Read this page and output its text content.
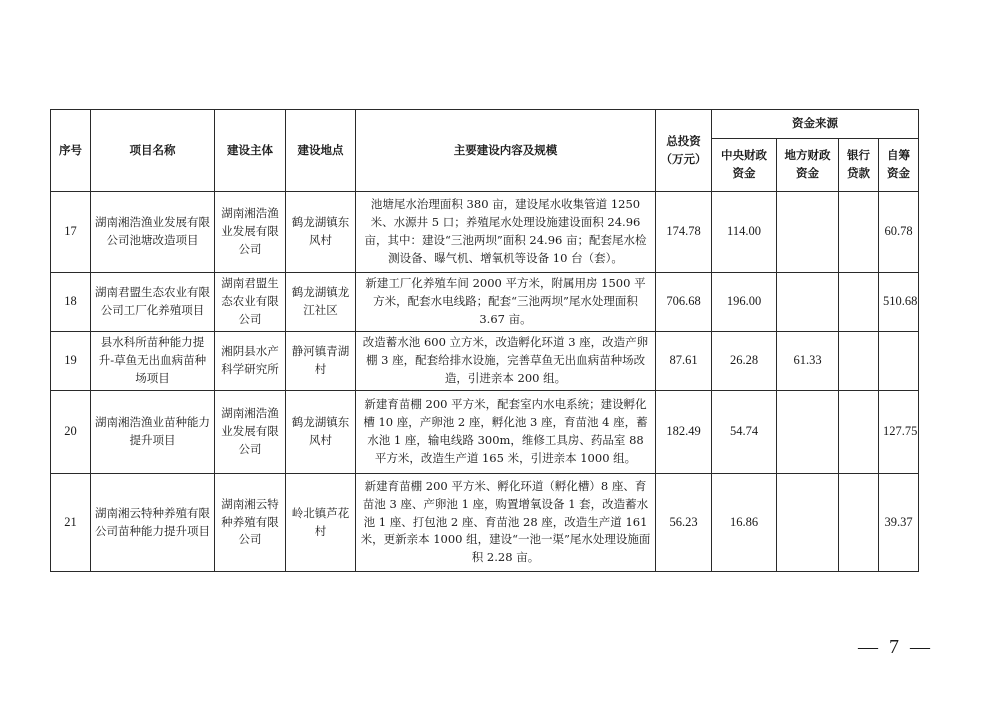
序号	项目名称	建设主体	建设地点	主要建设内容及规模	总投资（万元）	资金来源			
						中央财政资金	地方财政资金	银行贷款	自筹资金
17	湖南湘浩渔业发展有限公司池塘改造项目	湖南湘浩渔业发展有限公司	鹤龙湖镇东风村	池塘尾水治理面积 380 亩，建设尾水收集管道 1250 米、水源井 5 口；养殖尾水处理设施建设面积 24.96 亩，其中：建设“三池两坝”面积 24.96 亩；配套尾水检测设备、曝气机、增氧机等设备 10 台（套）。	174.78	114.00			60.78
18	湖南君盟生态农业有限公司工厂化养殖项目	湖南君盟生态农业有限公司	鹤龙湖镇龙江社区	新建工厂化养殖车间 2000 平方米，附属用房 1500 平方米，配套水电线路；配套“三池两坝”尾水处理面积 3.67 亩。	706.68	196.00			510.68
19	县水科所苗种能力提升-草鱼无出血病苗种场项目	湘阴县水产科学研究所	静河镇青湖村	改造蓄水池 600 立方米，改造孵化环道 3 座，改造产卵棚 3 座，配套给排水设施，完善草鱼无出血病苗种场改造，引进亲本 200 组。	87.61	26.28	61.33		
20	湖南湘浩渔业苗种能力提升项目	湖南湘浩渔业发展有限公司	鹤龙湖镇东风村	新建育苗棚 200 平方米，配套室内水电系统；建设孵化槽 10 座，产卵池 2 座，孵化池 3 座，育苗池 4 座，蓄水池 1 座，输电线路 300m，维修工具房、药品室 88 平方米，改造生产道 165 米，引进亲本 1000 组。	182.49	54.74			127.75
21	湖南湘云特种养殖有限公司苗种能力提升项目	湖南湘云特种养殖有限公司	岭北镇芦花村	新建育苗棚 200 平方米、孵化环道（孵化槽）8 座、育苗池 3 座、产卵池 1 座，购置增氧设备 1 套，改造蓄水池 1 座、打包池 2 座、育苗池 28 座，改造生产道 161 米，更新亲本 1000 组，建设“一池一渠”尾水处理设施面积 2.28 亩。	56.23	16.86			39.37
— 7 —
